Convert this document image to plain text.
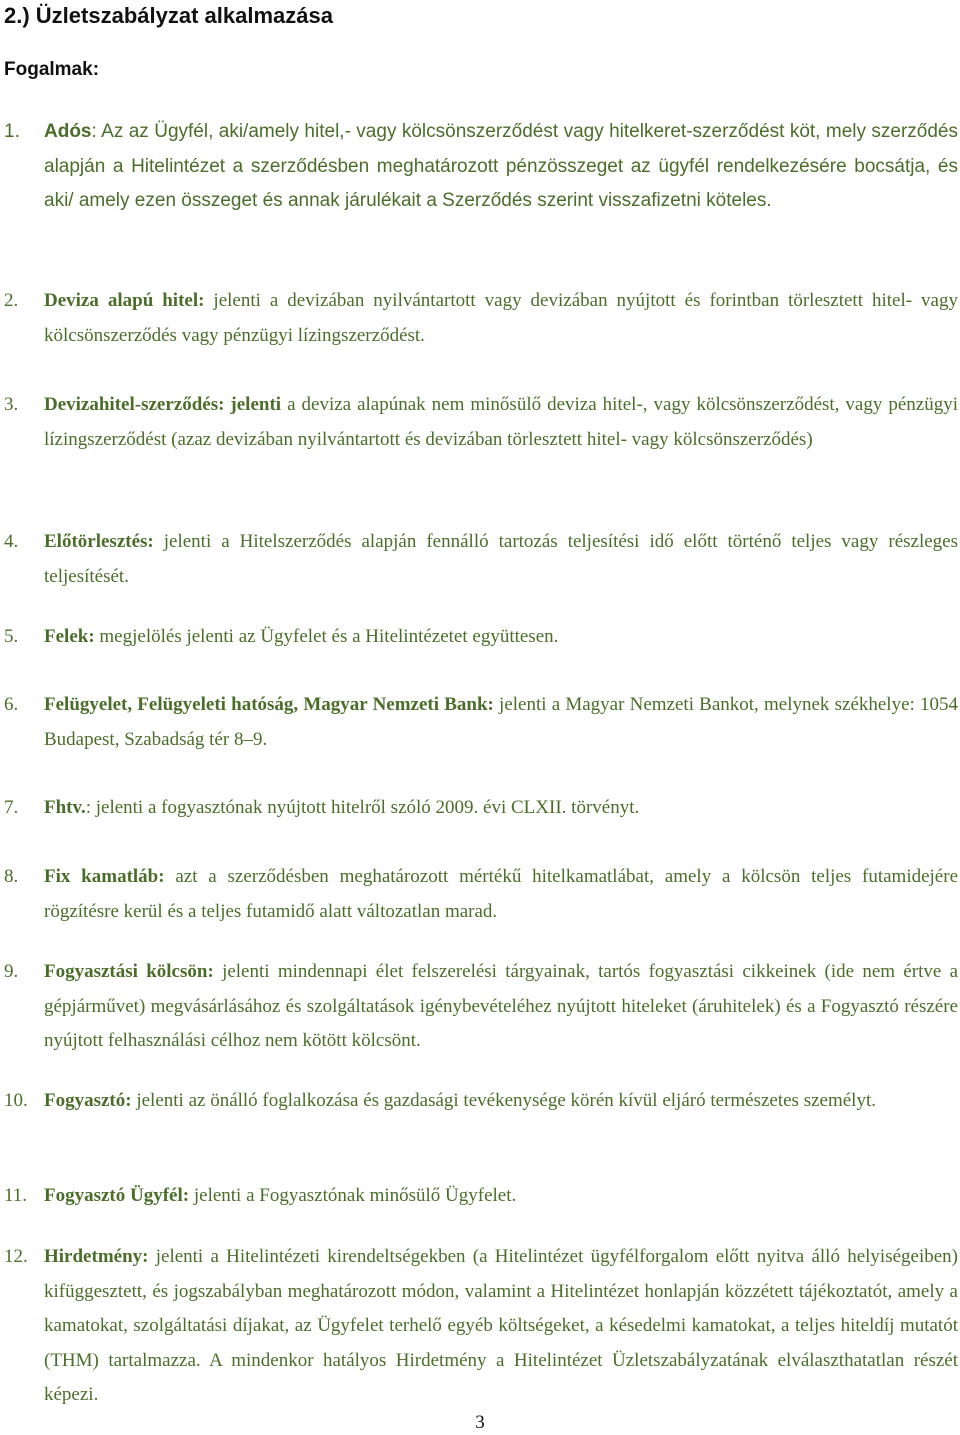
2.) Üzletszabályzat alkalmazása
Fogalmak:
1. Adós: Az az Ügyfél, aki/amely hitel,- vagy kölcsönszerződést vagy hitelkeret-szerződést köt, mely szerződés alapján a Hitelintézet a szerződésben meghatározott pénzösszeget az ügyfél rendelkezésére bocsátja, és aki/ amely ezen összeget és annak járulékait a Szerződés szerint visszafizetni köteles.
2. Deviza alapú hitel: jelenti a devizában nyilvántartott vagy devizában nyújtott és forintban törlesztett hitel- vagy kölcsönszerződés vagy pénzügyi lízingszerződést.
3. Devizahitel-szerződés: jelenti a deviza alapúnak nem minősülő deviza hitel-, vagy kölcsönszerződést, vagy pénzügyi lízingszerződést (azaz devizában nyilvántartott és devizában törlesztett hitel- vagy kölcsönszerződés)
4. Előtörlesztés: jelenti a Hitelszerződés alapján fennálló tartozás teljesítési idő előtt történő teljes vagy részleges teljesítését.
5. Felek: megjelölés jelenti az Ügyfelet és a Hitelintézetet együttesen.
6. Felügyelet, Felügyeleti hatóság, Magyar Nemzeti Bank: jelenti a Magyar Nemzeti Bankot, melynek székhelye: 1054 Budapest, Szabadság tér 8–9.
7. Fhtv.: jelenti a fogyasztónak nyújtott hitelről szóló 2009. évi CLXII. törvényt.
8. Fix kamatláb: azt a szerződésben meghatározott mértékű hitelkamatlábat, amely a kölcsön teljes futamidejére rögzítésre kerül és a teljes futamidő alatt változatlan marad.
9. Fogyasztási kölcsön: jelenti mindennapi élet felszerelési tárgyainak, tartós fogyasztási cikkeinek (ide nem értve a gépjárművet) megvásárlásához és szolgáltatások igénybevételéhez nyújtott hiteleket (áruhitelek) és a Fogyasztó részére nyújtott felhasználási célhoz nem kötött kölcsönt.
10. Fogyasztó: jelenti az önálló foglalkozása és gazdasági tevékenysége körén kívül eljáró természetes személyt.
11. Fogyasztó Ügyfél: jelenti a Fogyasztónak minősülő Ügyfelet.
12. Hirdetmény: jelenti a Hitelintézeti kirendeltségekben (a Hitelintézet ügyfélforgalom előtt nyitva álló helyiségeiben) kifüggesztett, és jogszabályban meghatározott módon, valamint a Hitelintézet honlapján közzétett tájékoztatót, amely a kamatokat, szolgáltatási díjakat, az Ügyfelet terhelő egyéb költségeket, a késedelmi kamatokat, a teljes hiteldíj mutatót (THM) tartalmazza. A mindenkor hatályos Hirdetmény a Hitelintézet Üzletszabályzatának elválaszthatatlan részét képezi.
3
